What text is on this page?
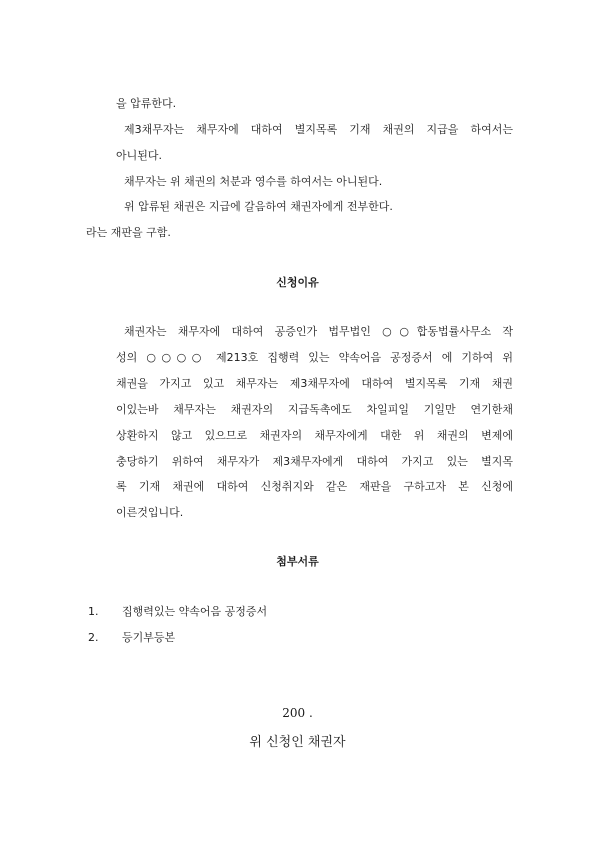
을 압류한다.
제3채무자는 채무자에 대하여 별지목록 기재 채권의 지급을 하여서는
아니된다.
채무자는 위 채권의 처분과 영수를 하여서는 아니된다.
위 압류된 채권은 지급에 갈음하여 채권자에게 전부한다.
라는 재판을 구함.
신청이유
채권자는 채무자에 대하여 공증인가 법무법인 ○○합동법률사무소 작
성의 ○○○○ 제213호 집행력 있는 약속어음 공정증서 에 기하여 위
채권을 가지고 있고 채무자는 제3채무자에 대하여 별지목록 기재 채권
이있는바 채무자는 채권자의 지급독촉에도 차일피일 기일만 연기한채
상환하지 않고 있으므로 채권자의 채무자에게 대한 위 채권의 변제에
충당하기 위하여 채무자가 제3채무자에게 대하여 가지고 있는 별지목
록 기재 채권에 대하여 신청취지와 같은 재판을 구하고자 본 신청에
이른것입니다.
첨부서류
1. 집행력있는 약속어음 공정증서
2. 등기부등본
200 .
위 신청인 채권자
